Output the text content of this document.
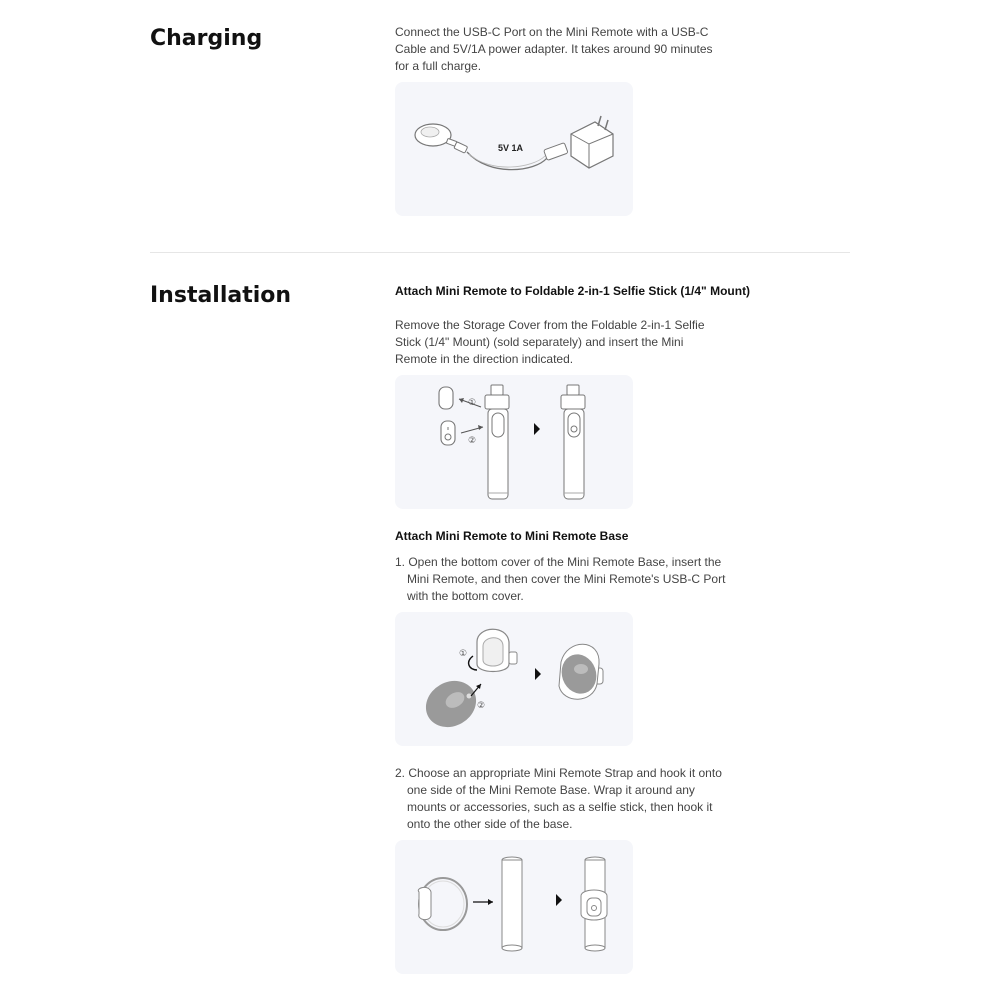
Charging	Connect the USB-C Port on the Mini Remote with a USB-C Cable and 5V/1A power adapter. It takes around 90 minutes for a full charge.

5V 1A
Installation	Attach Mini Remote to Foldable 2-in-1 Selfie Stick (1/4" Mount)

Remove the Storage Cover from the Foldable 2-in-1 Selfie Stick (1/4" Mount) (sold separately) and insert the Mini Remote in the direction indicated.

①
②
Attach Mini Remote to Mini Remote Base

1. Open the bottom cover of the Mini Remote Base, insert the Mini Remote, and then cover the Mini Remote's USB-C Port with the bottom cover.

①
②

2. Choose an appropriate Mini Remote Strap and hook it onto one side of the Mini Remote Base. Wrap it around any mounts or accessories, such as a selfie stick, then hook it onto the other side of the base.
